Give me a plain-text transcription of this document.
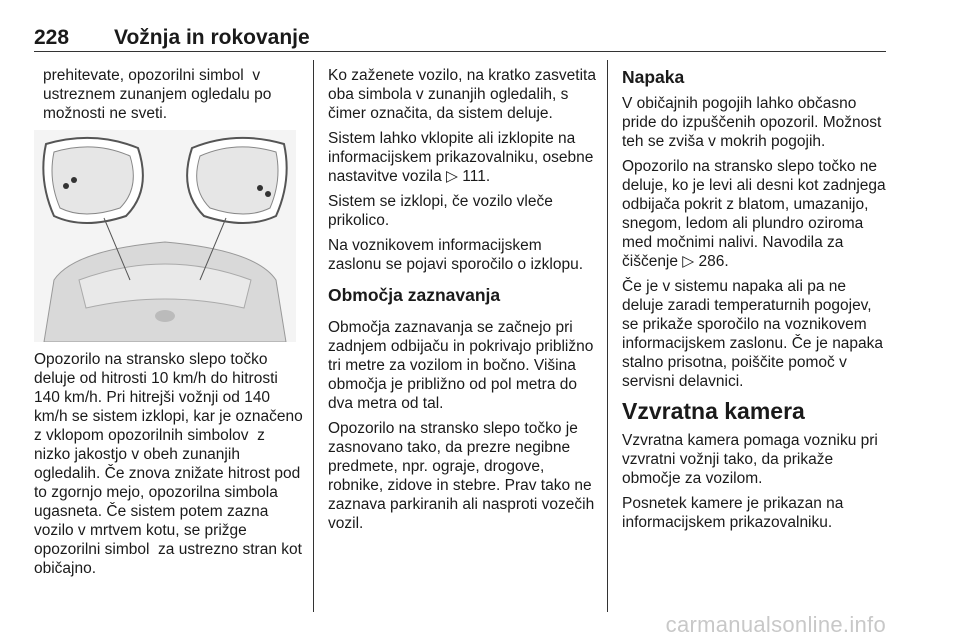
228 Vožnja in rokovanje

prehitevate, opozorilni simbol  v ustreznem zunanjem ogledalu po možnosti ne sveti.

Opozorilo na stransko slepo točko deluje od hitrosti 10 km/h do hitrosti 140 km/h. Pri hitrejši vožnji od 140 km/h se sistem izklopi, kar je označeno z vklopom opozorilnih simbolov  z nizko jakostjo v obeh zunanjih ogledalih. Če znova znižate hitrost pod to zgornjo mejo, opozorilna simbola ugasneta. Če sistem potem zazna vozilo v mrtvem kotu, se prižge opozorilni simbol  za ustrezno stran kot običajno.

Ko zaženete vozilo, na kratko zasvetita oba simbola v zunanjih ogledalih, s čimer označita, da sistem deluje.

Sistem lahko vklopite ali izklopite na informacijskem prikazovalniku, osebne nastavitve vozila ▷ 111.

Sistem se izklopi, če vozilo vleče prikolico.

Na voznikovem informacijskem zaslonu se pojavi sporočilo o izklopu.

Območja zaznavanja

Območja zaznavanja se začnejo pri zadnjem odbijaču in pokrivajo približno tri metre za vozilom in bočno. Višina območja je približno od pol metra do dva metra od tal.

Opozorilo na stransko slepo točko je zasnovano tako, da prezre negibne predmete, npr. ograje, drogove, robnike, zidove in stebre. Prav tako ne zaznava parkiranih ali nasproti vozečih vozil.

Napaka

V običajnih pogojih lahko občasno pride do izpuščenih opozoril. Možnost teh se zviša v mokrih pogojih.

Opozorilo na stransko slepo točko ne deluje, ko je levi ali desni kot zadnjega odbijača pokrit z blatom, umazanijo, snegom, ledom ali plundro oziroma med močnimi nalivi. Navodila za čiščenje ▷ 286.

Če je v sistemu napaka ali pa ne deluje zaradi temperaturnih pogojev, se prikaže sporočilo na voznikovem informacijskem zaslonu. Če je napaka stalno prisotna, poiščite pomoč v servisni delavnici.

Vzvratna kamera

Vzvratna kamera pomaga vozniku pri vzvratni vožnji tako, da prikaže območje za vozilom.

Posnetek kamere je prikazan na informacijskem prikazovalniku.

carmanualsonline.info
